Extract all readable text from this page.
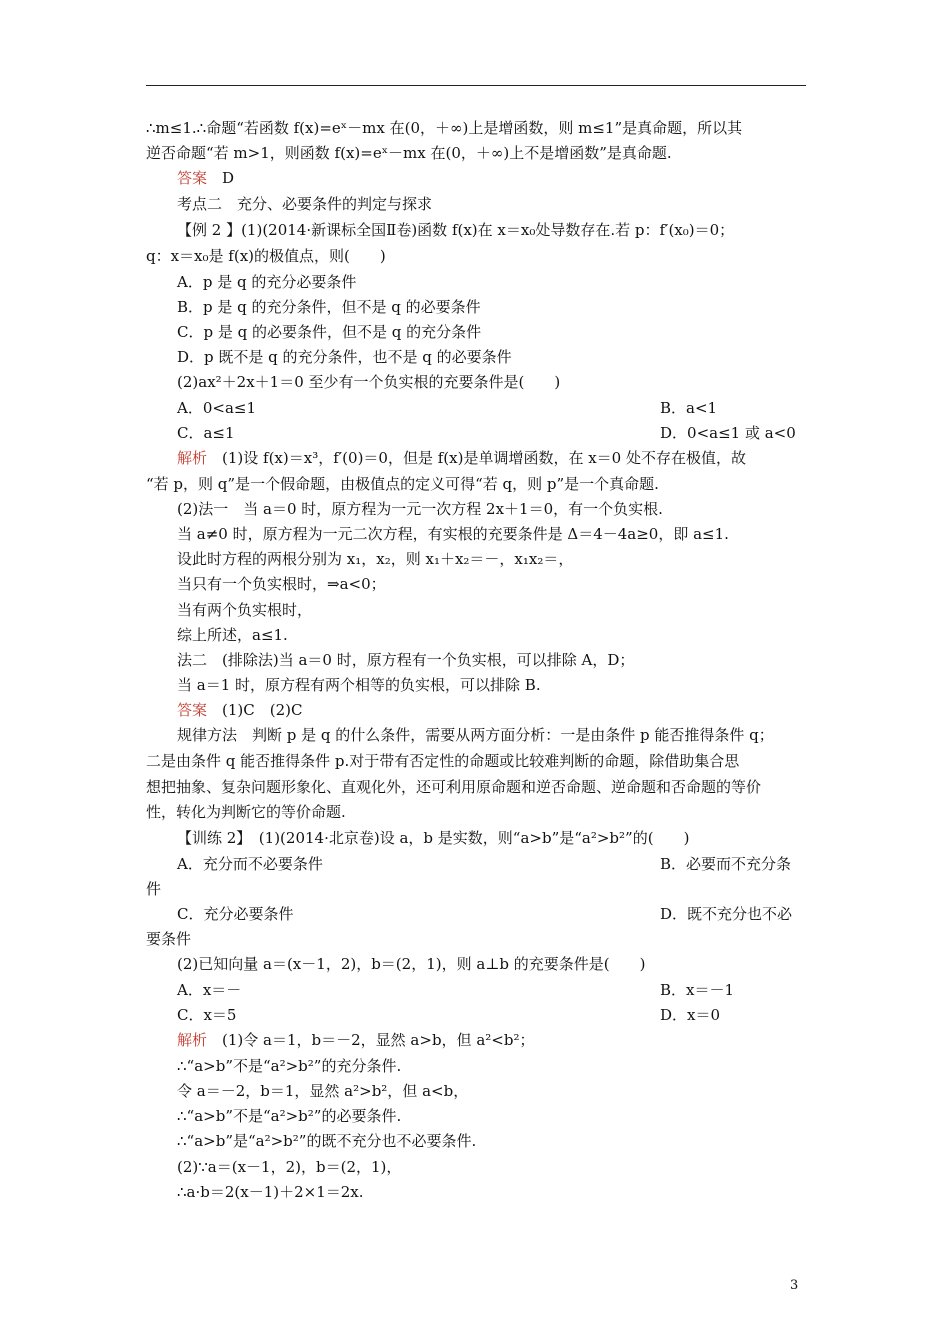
∴m≤1.∴命题“若函数 f(x)=eˣ－mx 在(0，＋∞)上是增函数，则 m≤1”是真命题，所以其
逆否命题“若 m>1，则函数 f(x)=eˣ－mx 在(0，＋∞)上不是增函数”是真命题.
答案　D
考点二　充分、必要条件的判定与探求
【例 2 】(1)(2014·新课标全国Ⅱ卷)函数 f(x)在 x＝x₀处导数存在.若 p：f′(x₀)＝0；
q：x＝x₀是 f(x)的极值点，则(　　)
A．p 是 q 的充分必要条件
B．p 是 q 的充分条件，但不是 q 的必要条件
C．p 是 q 的必要条件，但不是 q 的充分条件
D．p 既不是 q 的充分条件，也不是 q 的必要条件
(2)ax²＋2x＋1＝0 至少有一个负实根的充要条件是(　　)
A．0<a≤1	B．a<1
C．a≤1	D．0<a≤1 或 a<0
解析　(1)设 f(x)＝x³，f′(0)＝0，但是 f(x)是单调增函数，在 x＝0 处不存在极值，故
“若 p，则 q”是一个假命题，由极值点的定义可得“若 q，则 p”是一个真命题.
(2)法一　当 a＝0 时，原方程为一元一次方程 2x＋1＝0，有一个负实根.
当 a≠0 时，原方程为一元二次方程，有实根的充要条件是 Δ＝4－4a≥0，即 a≤1.
设此时方程的两根分别为 x₁，x₂，则 x₁＋x₂＝－，x₁x₂＝，
当只有一个负实根时，⇒a<0；
当有两个负实根时，
综上所述，a≤1.
法二　(排除法)当 a＝0 时，原方程有一个负实根，可以排除 A，D；
当 a＝1 时，原方程有两个相等的负实根，可以排除 B.
答案　(1)C　(2)C
规律方法　判断 p 是 q 的什么条件，需要从两方面分析：一是由条件 p 能否推得条件 q；
二是由条件 q 能否推得条件 p.对于带有否定性的命题或比较难判断的命题，除借助集合思
想把抽象、复杂问题形象化、直观化外，还可利用原命题和逆否命题、逆命题和否命题的等价
性，转化为判断它的等价命题.
【训练 2】　(1)(2014·北京卷)设 a，b 是实数，则“a>b”是“a²>b²”的(　　)
A．充分而不必要条件	B．必要而不充分条
件
C．充分必要条件	D．既不充分也不必
要条件
(2)已知向量 a＝(x－1，2)，b＝(2，1)，则 a⊥b 的充要条件是(　　)
A．x＝－	B．x＝－1
C．x＝5	D．x＝0
解析　(1)令 a＝1，b＝－2，显然 a>b，但 a²<b²；
∴“a>b”不是“a²>b²”的充分条件.
令 a＝－2，b＝1，显然 a²>b²，但 a<b，
∴“a>b”不是“a²>b²”的必要条件.
∴“a>b”是“a²>b²”的既不充分也不必要条件.
(2)∵a＝(x－1，2)，b＝(2，1)，
∴a·b＝2(x－1)＋2×1＝2x.
3
